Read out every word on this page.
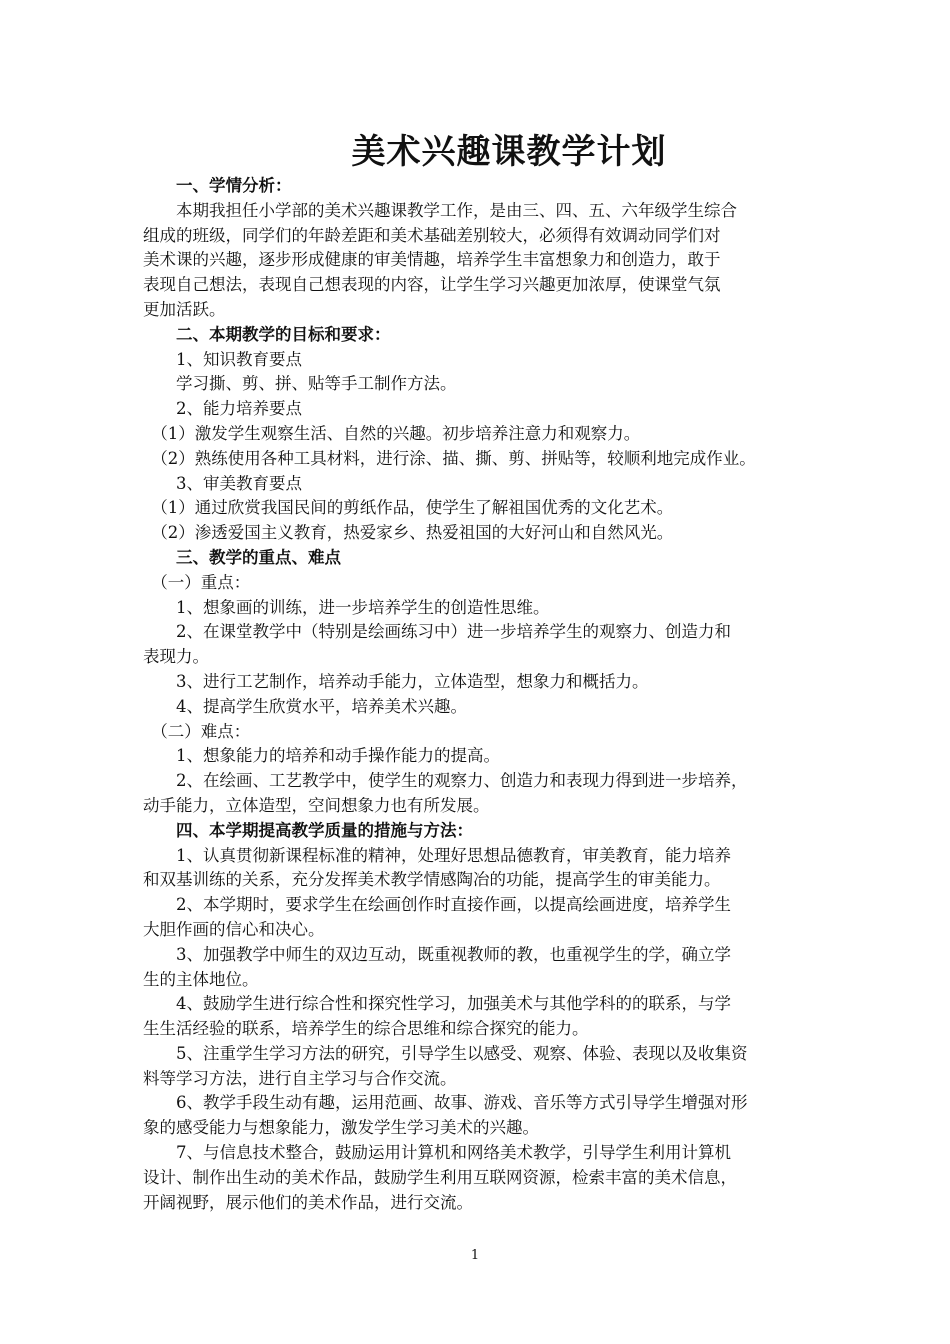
美术兴趣课教学计划

　　一、学情分析：

　　本期我担任小学部的美术兴趣课教学工作，是由三、四、五、六年级学生综合

组成的班级，同学们的年龄差距和美术基础差别较大，必须得有效调动同学们对

美术课的兴趣，逐步形成健康的审美情趣，培养学生丰富想象力和创造力，敢于

表现自己想法，表现自己想表现的内容，让学生学习兴趣更加浓厚，使课堂气氛

更加活跃。

　　二、本期教学的目标和要求：

　　1、知识教育要点

　　学习撕、剪、拼、贴等手工制作方法。

　　2、能力培养要点

　（1）激发学生观察生活、自然的兴趣。初步培养注意力和观察力。

　（2）熟练使用各种工具材料，进行涂、描、撕、剪、拼贴等，较顺利地完成作业。

　　3、审美教育要点

　（1）通过欣赏我国民间的剪纸作品，使学生了解祖国优秀的文化艺术。

　（2）渗透爱国主义教育，热爱家乡、热爱祖国的大好河山和自然风光。

　　三、教学的重点、难点

　（一）重点：

　　1、想象画的训练，进一步培养学生的创造性思维。

　　2、在课堂教学中（特别是绘画练习中）进一步培养学生的观察力、创造力和

表现力。

　　3、进行工艺制作，培养动手能力，立体造型，想象力和概括力。

　　4、提高学生欣赏水平，培养美术兴趣。

　（二）难点：

　　1、想象能力的培养和动手操作能力的提高。

　　2、在绘画、工艺教学中，使学生的观察力、创造力和表现力得到进一步培养，

动手能力，立体造型，空间想象力也有所发展。

　　四、本学期提高教学质量的措施与方法：

　　1、认真贯彻新课程标准的精神，处理好思想品德教育，审美教育，能力培养

和双基训练的关系，充分发挥美术教学情感陶冶的功能，提高学生的审美能力。

　　2、本学期时，要求学生在绘画创作时直接作画，以提高绘画进度，培养学生

大胆作画的信心和决心。

　　3、加强教学中师生的双边互动，既重视教师的教，也重视学生的学，确立学

生的主体地位。

　　4、鼓励学生进行综合性和探究性学习，加强美术与其他学科的的联系，与学

生生活经验的联系，培养学生的综合思维和综合探究的能力。

　　5、注重学生学习方法的研究，引导学生以感受、观察、体验、表现以及收集资

料等学习方法，进行自主学习与合作交流。

　　6、教学手段生动有趣，运用范画、故事、游戏、音乐等方式引导学生增强对形

象的感受能力与想象能力，激发学生学习美术的兴趣。

　　7、与信息技术整合，鼓励运用计算机和网络美术教学，引导学生利用计算机

设计、制作出生动的美术作品，鼓励学生利用互联网资源，检索丰富的美术信息，

开阔视野，展示他们的美术作品，进行交流。

1
